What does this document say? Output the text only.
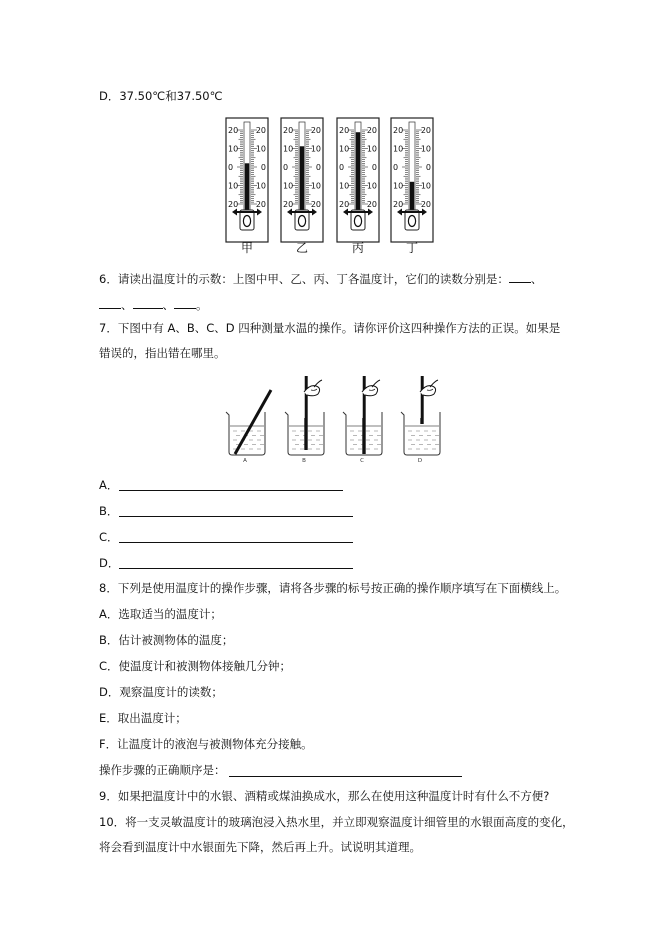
D．37.50℃和37.50℃
20 20
10 10
0	0
10 10
20 20
甲
20 20
10 10
0	0
10 10
20 20
乙
20 20
10 10
0	0
10 10
20 20
丙
20 20
10 10
0	0
10 10
20 20
丁
6．请读出温度计的示数：上图中甲、乙、丙、丁各温度计，它们的读数分别是： 、
、	、 。
7．下图中有 A、B、C、D 四种测量水温的操作。请你评价这四种操作方法的正误。如果是
错误的，指出错在哪里。
A	B	C	D
A．
B．
C．
D．
8．下列是使用温度计的操作步骤，请将各步骤的标号按正确的操作顺序填写在下面横线上。
A．选取适当的温度计；
B．估计被测物体的温度；
C．使温度计和被测物体接触几分钟；
D．观察温度计的读数；
E．取出温度计；
F．让温度计的液泡与被测物体充分接触。
操作步骤的正确顺序是：
9．如果把温度计中的水银、酒精或煤油换成水，那么在使用这种温度计时有什么不方便?
10．将一支灵敏温度计的玻璃泡浸入热水里，并立即观察温度计细管里的水银面高度的变化，
将会看到温度计中水银面先下降，然后再上升。试说明其道理。
